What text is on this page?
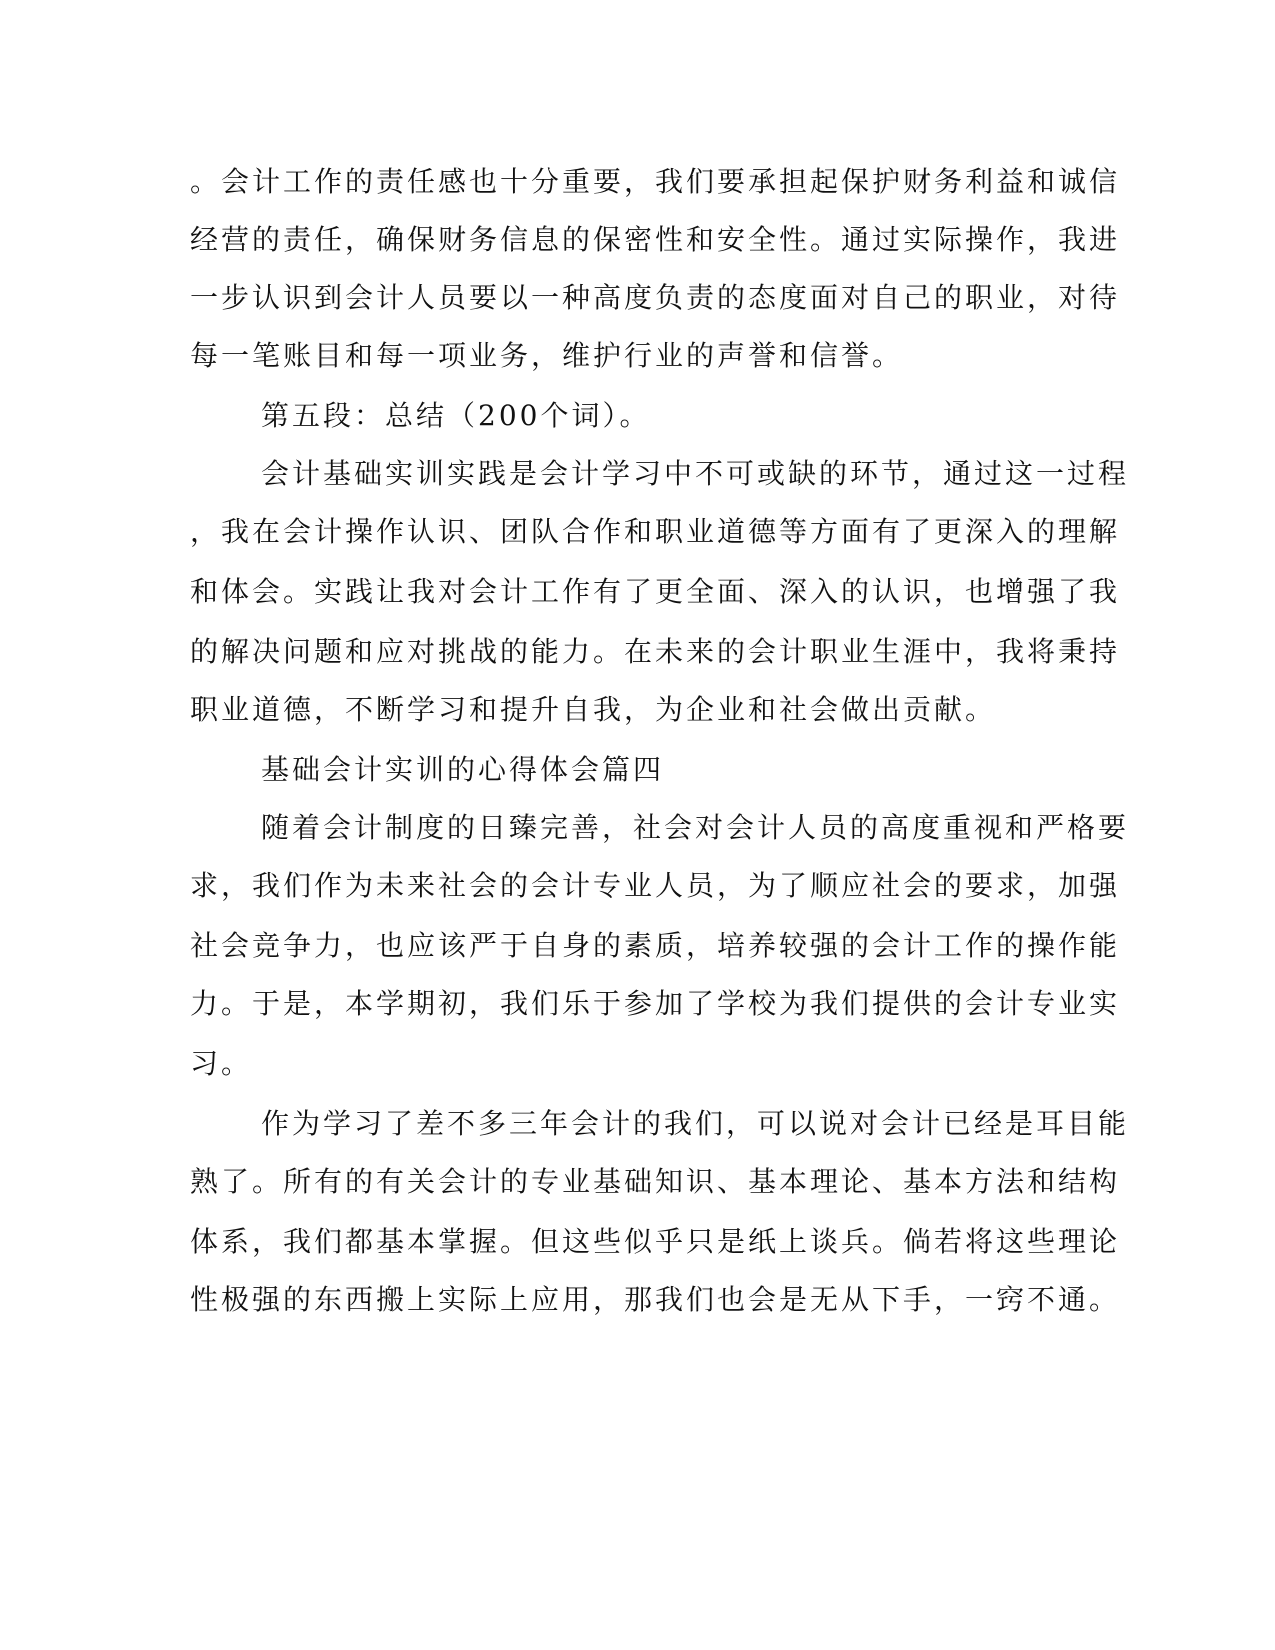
。会计工作的责任感也十分重要，我们要承担起保护财务利益和诚信
经营的责任，确保财务信息的保密性和安全性。通过实际操作，我进
一步认识到会计人员要以一种高度负责的态度面对自己的职业，对待
每一笔账目和每一项业务，维护行业的声誉和信誉。
第五段：总结（200个词）。
会计基础实训实践是会计学习中不可或缺的环节，通过这一过程
，我在会计操作认识、团队合作和职业道德等方面有了更深入的理解
和体会。实践让我对会计工作有了更全面、深入的认识，也增强了我
的解决问题和应对挑战的能力。在未来的会计职业生涯中，我将秉持
职业道德，不断学习和提升自我，为企业和社会做出贡献。
基础会计实训的心得体会篇四
随着会计制度的日臻完善，社会对会计人员的高度重视和严格要
求，我们作为未来社会的会计专业人员，为了顺应社会的要求，加强
社会竞争力，也应该严于自身的素质，培养较强的会计工作的操作能
力。于是，本学期初，我们乐于参加了学校为我们提供的会计专业实
习。
作为学习了差不多三年会计的我们，可以说对会计已经是耳目能
熟了。所有的有关会计的专业基础知识、基本理论、基本方法和结构
体系，我们都基本掌握。但这些似乎只是纸上谈兵。倘若将这些理论
性极强的东西搬上实际上应用，那我们也会是无从下手，一窍不通。
